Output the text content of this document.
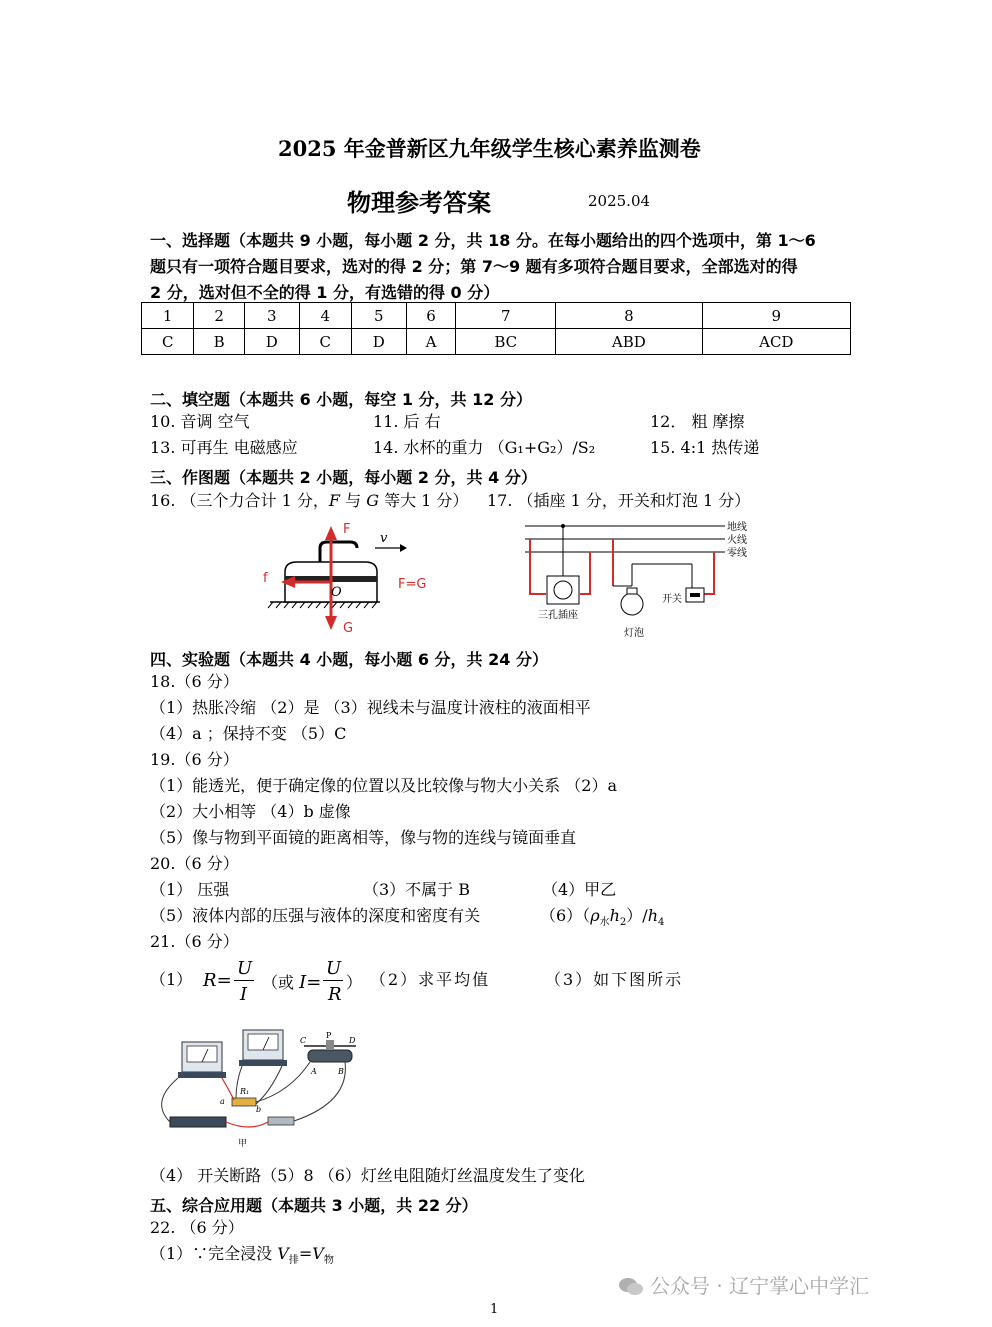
2025 年金普新区九年级学生核心素养监测卷
物理参考答案	2025.04
一、选择题（本题共 9 小题，每小题 2 分，共 18 分。在每小题给出的四个选项中，第 1～6
题只有一项符合题目要求，选对的得 2 分；第 7～9 题有多项符合题目要求，全部选对的得
2 分，选对但不全的得 1 分，有选错的得 0 分）
1	2	3	4	5	6	7	8	9
C	B	D	C	D	A	BC	ABD	ACD
二、填空题（本题共 6 小题，每空 1 分，共 12 分）
10. 音调 空气	11. 后 右	12． 粗 摩擦
13. 可再生 电磁感应	14. 水杯的重力 （G₁+G₂）/S₂	15. 4:1 热传递
三、作图题（本题共 2 小题，每小题 2 分，共 4 分）
16. （三个力合计 1 分，F 与 G 等大 1 分） 17. （插座 1 分，开关和灯泡 1 分）
v
F
f
O
F=G
G
地线
火线
零线
三孔插座
灯泡
开关
四、实验题（本题共 4 小题，每小题 6 分，共 24 分）
18.（6 分）
（1）热胀冷缩 （2）是 （3）视线未与温度计液柱的液面相平
（4）a ；保持不变 （5）C
19.（6 分）
（1）能透光，便于确定像的位置以及比较像与物大小关系 （2）a
（2）大小相等 （4）b 虚像
（5）像与物到平面镜的距离相等，像与物的连线与镜面垂直
20.（6 分）
（1） 压强	（3）不属于 B	（4）甲乙
（5）液体内部的压强与液体的深度和密度有关	$(6)(\rho_水h_2)/h_4$
21.（6 分）
（1） R=
U
I
（或 I=
U
R
） （2）求平均值	（3）如下图所示
C
P
D
A	B
R₁
a
b
甲
（4） 开关断路（5）8 （6）灯丝电阻随灯丝温度发生了变化
五、综合应用题（本题共 3 小题，共 22 分）
22. （6 分）
（1）∵完全浸没 $V_排=V_物$
公众号 · 辽宁掌心中学汇
1
